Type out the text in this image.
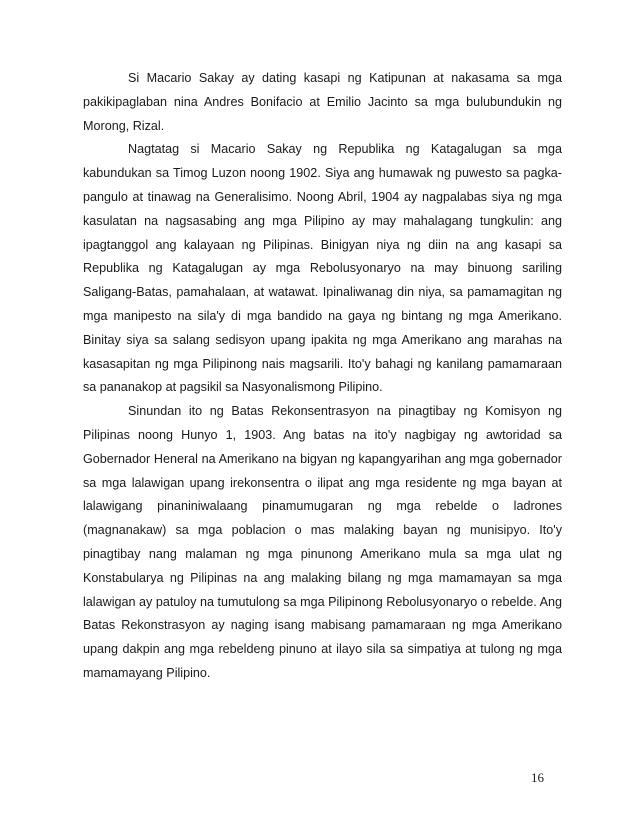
Si Macario Sakay ay dating kasapi ng Katipunan at nakasama sa mga pakikipaglaban nina Andres Bonifacio at Emilio Jacinto sa mga bulubundukin ng Morong, Rizal.

Nagtatag si Macario Sakay ng Republika ng Katagalugan sa mga kabundukan sa Timog Luzon noong 1902. Siya ang humawak ng puwesto sa pagka-pangulo at tinawag na Generalisimo. Noong Abril, 1904 ay nagpalabas siya ng mga kasulatan na nagsasabing ang mga Pilipino ay may mahalagang tungkulin: ang ipagtanggol ang kalayaan ng Pilipinas. Binigyan niya ng diin na ang kasapi sa Republika ng Katagalugan ay mga Rebolusyonaryo na may binuong sariling Saligang-Batas, pamahalaan, at watawat. Ipinaliwanag din niya, sa pamamagitan ng mga manipesto na sila'y di mga bandido na gaya ng bintang ng mga Amerikano. Binitay siya sa salang sedisyon upang ipakita ng mga Amerikano ang marahas na kasasapitan ng mga Pilipinong nais magsarili. Ito'y bahagi ng kanilang pamamaraan sa pananakop at pagsikil sa Nasyonalismong Pilipino.

Sinundan ito ng Batas Rekonsentrasyon na pinagtibay ng Komisyon ng Pilipinas noong Hunyo 1, 1903. Ang batas na ito'y nagbigay ng awtoridad sa Gobernador Heneral na Amerikano na bigyan ng kapangyarihan ang mga gobernador sa mga lalawigan upang irekonsentra o ilipat ang mga residente ng mga bayan at lalawigang pinaniniwalaang pinamumugaran ng mga rebelde o ladrones (magnanakaw) sa mga poblacion o mas malaking bayan ng munisipyo. Ito'y pinagtibay nang malaman ng mga pinunong Amerikano mula sa mga ulat ng Konstabularya ng Pilipinas na ang malaking bilang ng mga mamamayan sa mga lalawigan ay patuloy na tumutulong sa mga Pilipinong Rebolusyonaryo o rebelde. Ang Batas Rekonstrasyon ay naging isang mabisang pamamaraan ng mga Amerikano upang dakpin ang mga rebeldeng pinuno at ilayo sila sa simpatiya at tulong ng mga mamamayang Pilipino.

16
